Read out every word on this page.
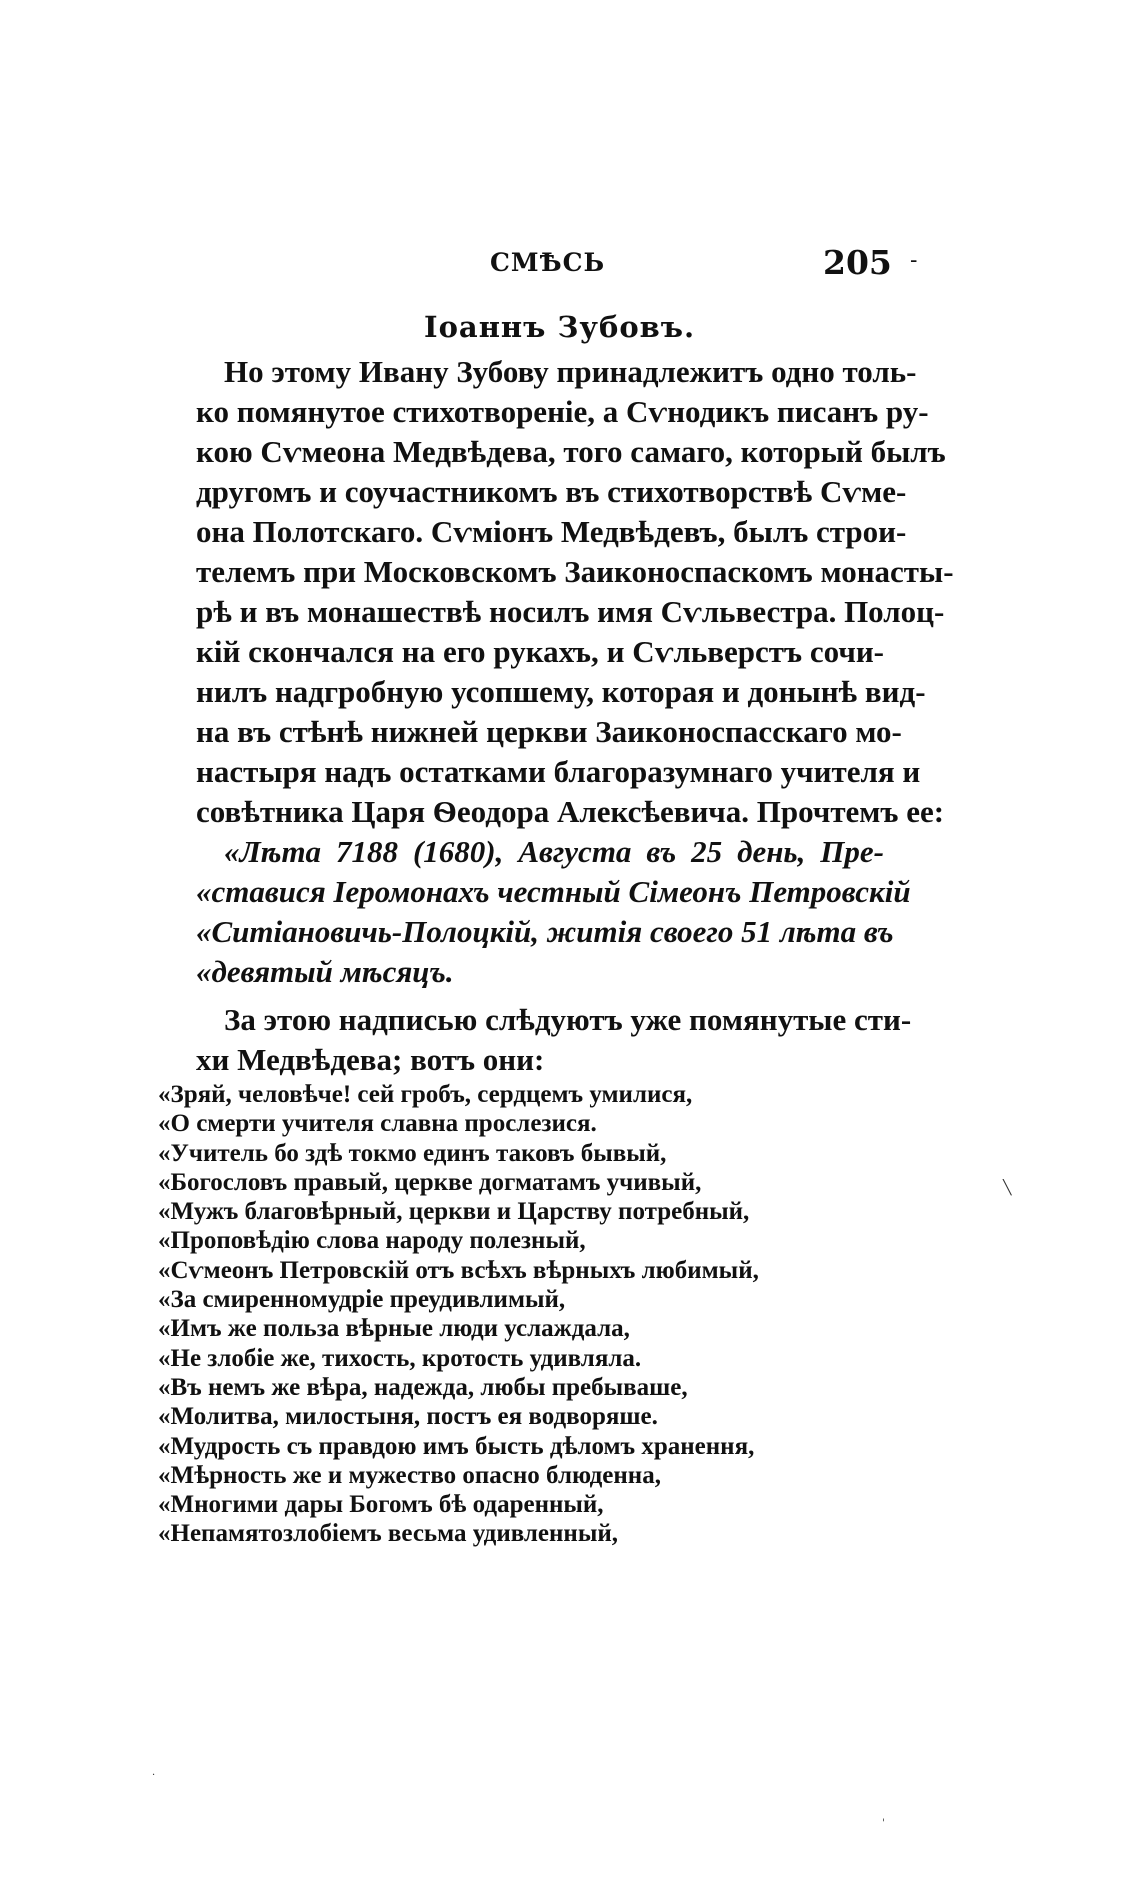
СМѢСЬ	205 -
Іоаннъ Зубовъ.
Но этому Ивану Зубову принадлежитъ одно толь-
ко помянутое стихотвореніе, а Сѵнодикъ писанъ ру-
кою Сѵмеона Медвѣдева, того самаго, который былъ
другомъ и соучастникомъ въ стихотворствѣ Сѵме-
она Полотскаго. Сѵміонъ Медвѣдевъ, былъ строи-
телемъ при Московскомъ Заиконоспаскомъ монасты-
рѣ и въ монашествѣ носилъ имя Сѵльвестра. Полоц-
кій скончался на его рукахъ, и Сѵльверстъ сочи-
нилъ надгробную усопшему, которая и донынѣ вид-
на въ стѣнѣ нижней церкви Заиконоспасскаго мо-
настыря надъ остатками благоразумнаго учителя и
совѣтника Царя Ѳеодора Алексѣевича. Прочтемъ ее:
«Лѣта 7188 (1680), Августа въ 25 день, Пре-
«ставися Іеромонахъ честный Сімеонъ Петровскій
«Ситіановичь-Полоцкій, житія своего 51 лѣта въ
«девятый мѣсяцъ.
За этою надписью слѣдуютъ уже помянутые сти-
хи Медвѣдева; вотъ они:
«Зряй, человѣче! сей гробъ, сердцемъ умилися,
«О смерти учителя славна прослезися.
«Учитель бо здѣ токмо единъ таковъ бывый,
«Богословъ правый, церкве догматамъ учивый,
«Мужъ благовѣрный, церкви и Царству потребный,
«Проповѣдію слова народу полезный,
«Сѵмеонъ Петровскій отъ всѣхъ вѣрныхъ любимый,
«За смиренномудріе преудивлимый,
«Имъ же польза вѣрные люди услаждала,
«Не злобіе же, тихость, кротость удивляла.
«Въ немъ же вѣра, надежда, любы пребываше,
«Молитва, милостыня, постъ ея водворяше.
«Мудрость съ правдою имъ бысть дѣломъ хранення,
«Мѣрность же и мужество опасно блюденна,
«Многими дары Богомъ бѣ одаренный,
«Непамятозлобіемъ весьма удивленный,
╲
·
'
